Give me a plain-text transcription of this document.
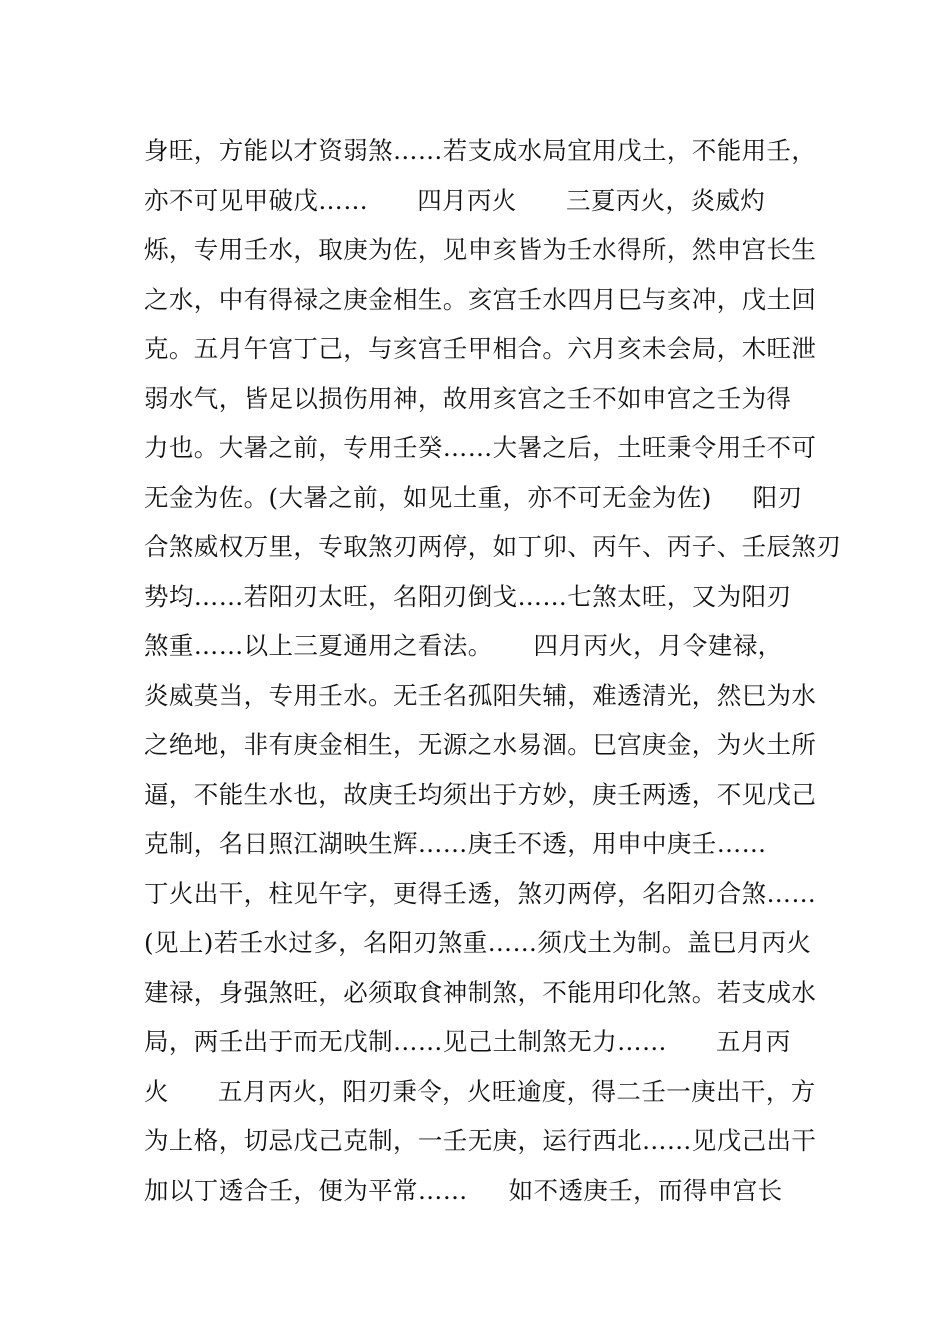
身旺，方能以才资弱煞……若支成水局宜用戊土，不能用壬，
亦不可见甲破戊……      四月丙火      三夏丙火，炎威灼
烁，专用壬水，取庚为佐，见申亥皆为壬水得所，然申宫长生
之水，中有得禄之庚金相生。亥宫壬水四月巳与亥冲，戊土回
克。五月午宫丁己，与亥宫壬甲相合。六月亥未会局，木旺泄
弱水气，皆足以损伤用神，故用亥宫之壬不如申宫之壬为得
力也。大暑之前，专用壬癸……大暑之后，土旺秉令用壬不可
无金为佐。(大暑之前，如见土重，亦不可无金为佐)     阳刃
合煞威权万里，专取煞刃两停，如丁卯、丙午、丙子、壬辰煞刃
势均……若阳刃太旺，名阳刃倒戈……七煞太旺，又为阳刃
煞重……以上三夏通用之看法。     四月丙火，月令建禄，
炎威莫当，专用壬水。无壬名孤阳失辅，难透清光，然巳为水
之绝地，非有庚金相生，无源之水易涸。巳宫庚金，为火土所
逼，不能生水也，故庚壬均须出于方妙，庚壬两透，不见戊己
克制，名日照江湖映生辉……庚壬不透，用申中庚壬……
丁火出干，柱见午字，更得壬透，煞刃两停，名阳刃合煞……
(见上)若壬水过多，名阳刃煞重……须戊土为制。盖巳月丙火
建禄，身强煞旺，必须取食神制煞，不能用印化煞。若支成水
局，两壬出于而无戊制……见己土制煞无力……      五月丙
火      五月丙火，阳刃秉令，火旺逾度，得二壬一庚出干，方
为上格，切忌戊己克制，一壬无庚，运行西北……见戊己出干
加以丁透合壬，便为平常……     如不透庚壬，而得申宫长
